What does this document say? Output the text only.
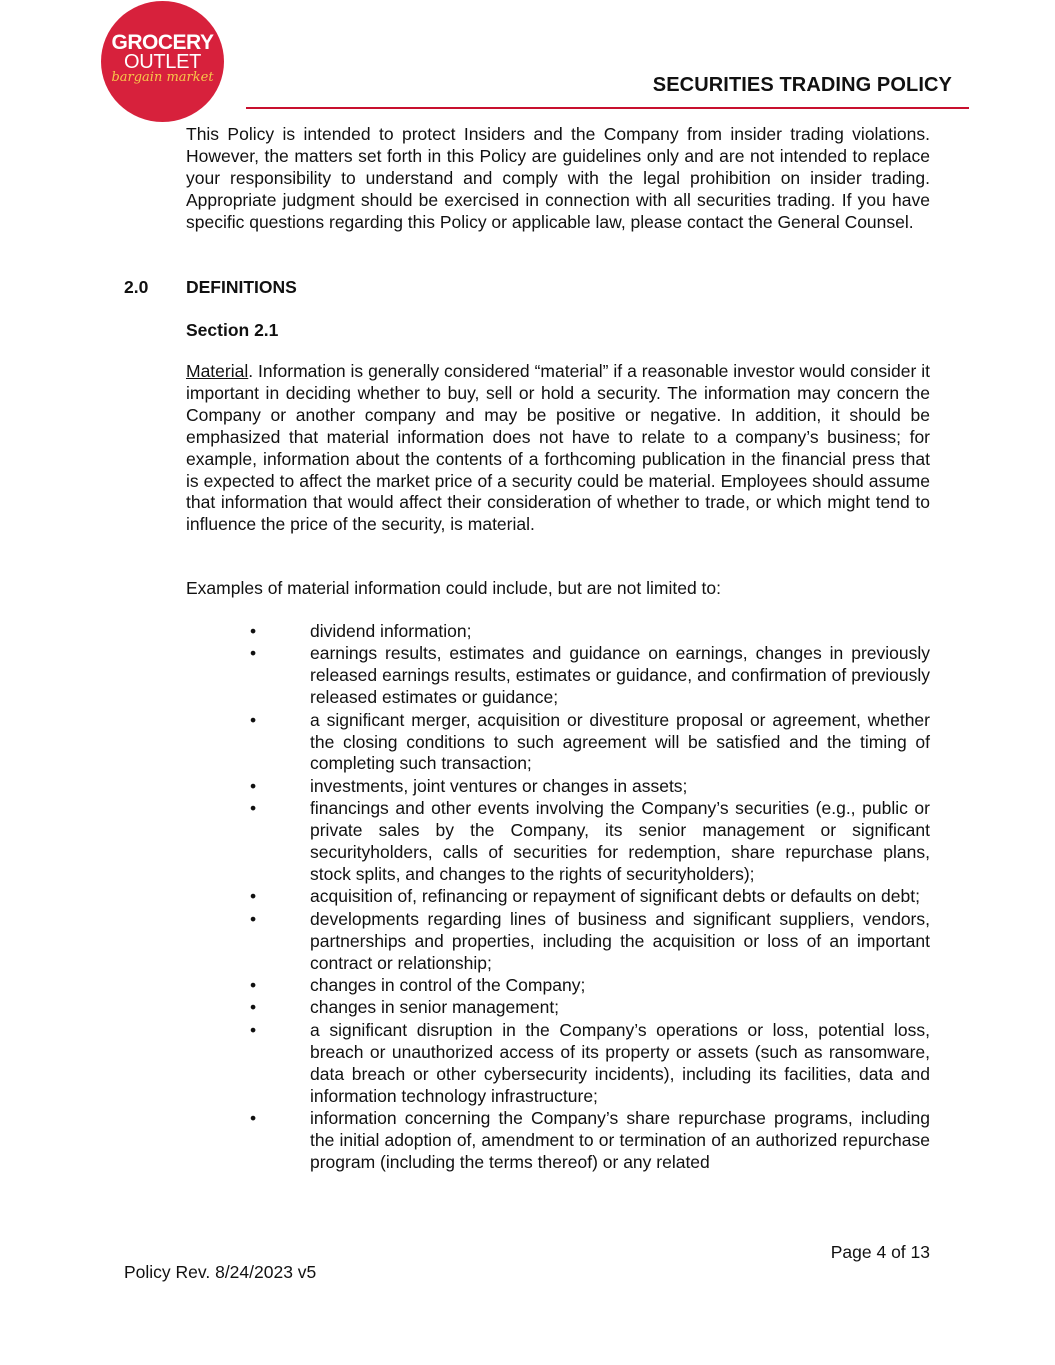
GROCERY
OUTLET
bargain market	SECURITIES TRADING POLICY

This Policy is intended to protect Insiders and the Company from insider trading violations. However, the matters set forth in this Policy are guidelines only and are not intended to replace your responsibility to understand and comply with the legal prohibition on insider trading. Appropriate judgment should be exercised in connection with all securities trading. If you have specific questions regarding this Policy or applicable law, please contact the General Counsel.

2.0 DEFINITIONS
Section 2.1

Material. Information is generally considered “material” if a reasonable investor would consider it important in deciding whether to buy, sell or hold a security. The information may concern the Company or another company and may be positive or negative. In addition, it should be emphasized that material information does not have to relate to a company’s business; for example, information about the contents of a forthcoming publication in the financial press that is expected to affect the market price of a security could be material. Employees should assume that information that would affect their consideration of whether to trade, or which might tend to influence the price of the security, is material.

Examples of material information could include, but are not limited to:

•	dividend information;
•	earnings results, estimates and guidance on earnings, changes in previously released earnings results, estimates or guidance, and confirmation of previously released estimates or guidance;
•	a significant merger, acquisition or divestiture proposal or agreement, whether the closing conditions to such agreement will be satisfied and the timing of completing such transaction;
•	investments, joint ventures or changes in assets;
•	financings and other events involving the Company’s securities (e.g., public or private sales by the Company, its senior management or significant securityholders, calls of securities for redemption, share repurchase plans, stock splits, and changes to the rights of securityholders);
•	acquisition of, refinancing or repayment of significant debts or defaults on debt;
•	developments regarding lines of business and significant suppliers, vendors, partnerships and properties, including the acquisition or loss of an important contract or relationship;
•	changes in control of the Company;
•	changes in senior management;
•	a significant disruption in the Company’s operations or loss, potential loss, breach or unauthorized access of its property or assets (such as ransomware, data breach or other cybersecurity incidents), including its facilities, data and information technology infrastructure;
•	information concerning the Company’s share repurchase programs, including the initial adoption of, amendment to or termination of an authorized repurchase program (including the terms thereof) or any related
Page 4 of 13
Policy Rev. 8/24/2023 v5
